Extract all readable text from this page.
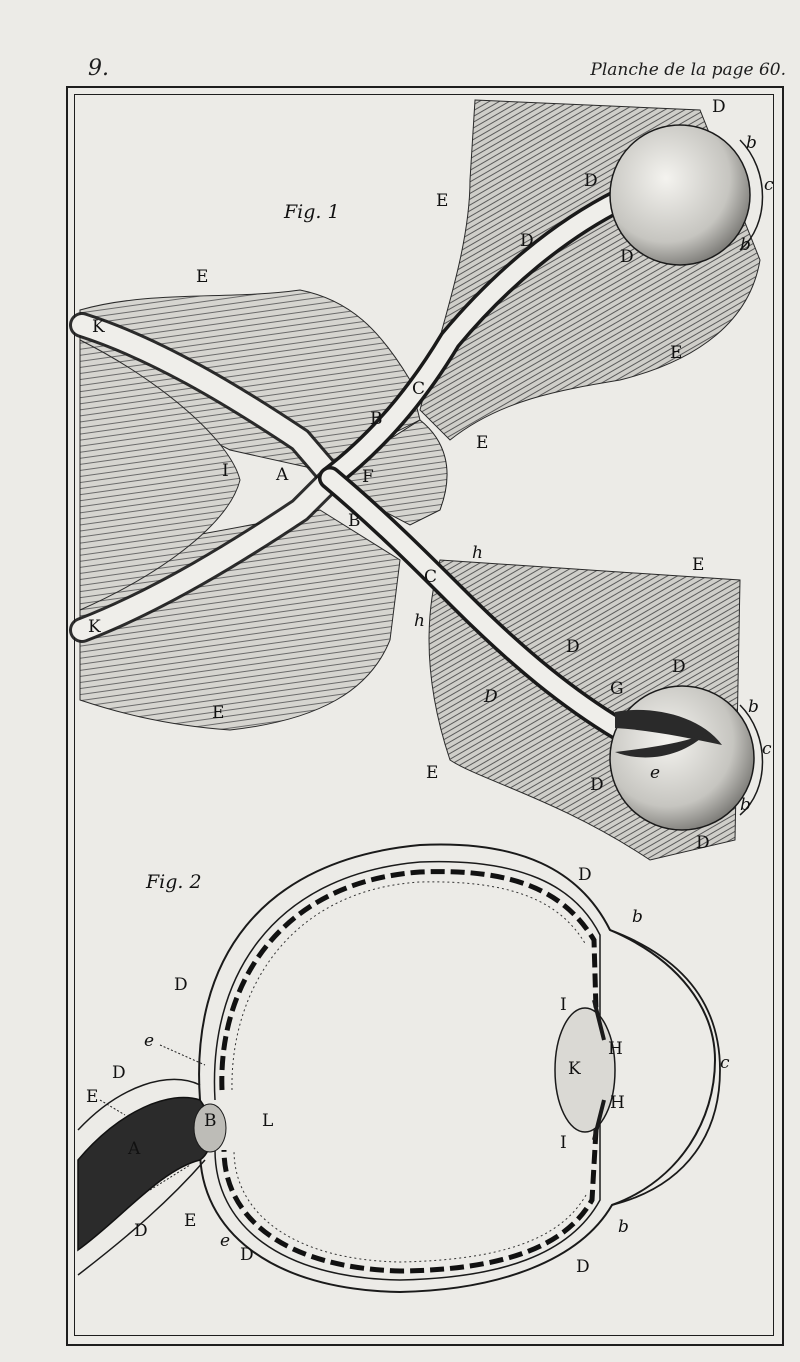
9.	Planche de la page 60.
Fig. 1
Fig. 2
D
b
c
b
D
D
D
E
E
E
K
K
I	A
B
B
C
C
F
E
h
h
E
D
D
D	G
b
c
e
D
b
D
E
E
D
b
D
I
H
K	c
H
I
e
D
E
A
B	L
E
D	e
D
b
D
